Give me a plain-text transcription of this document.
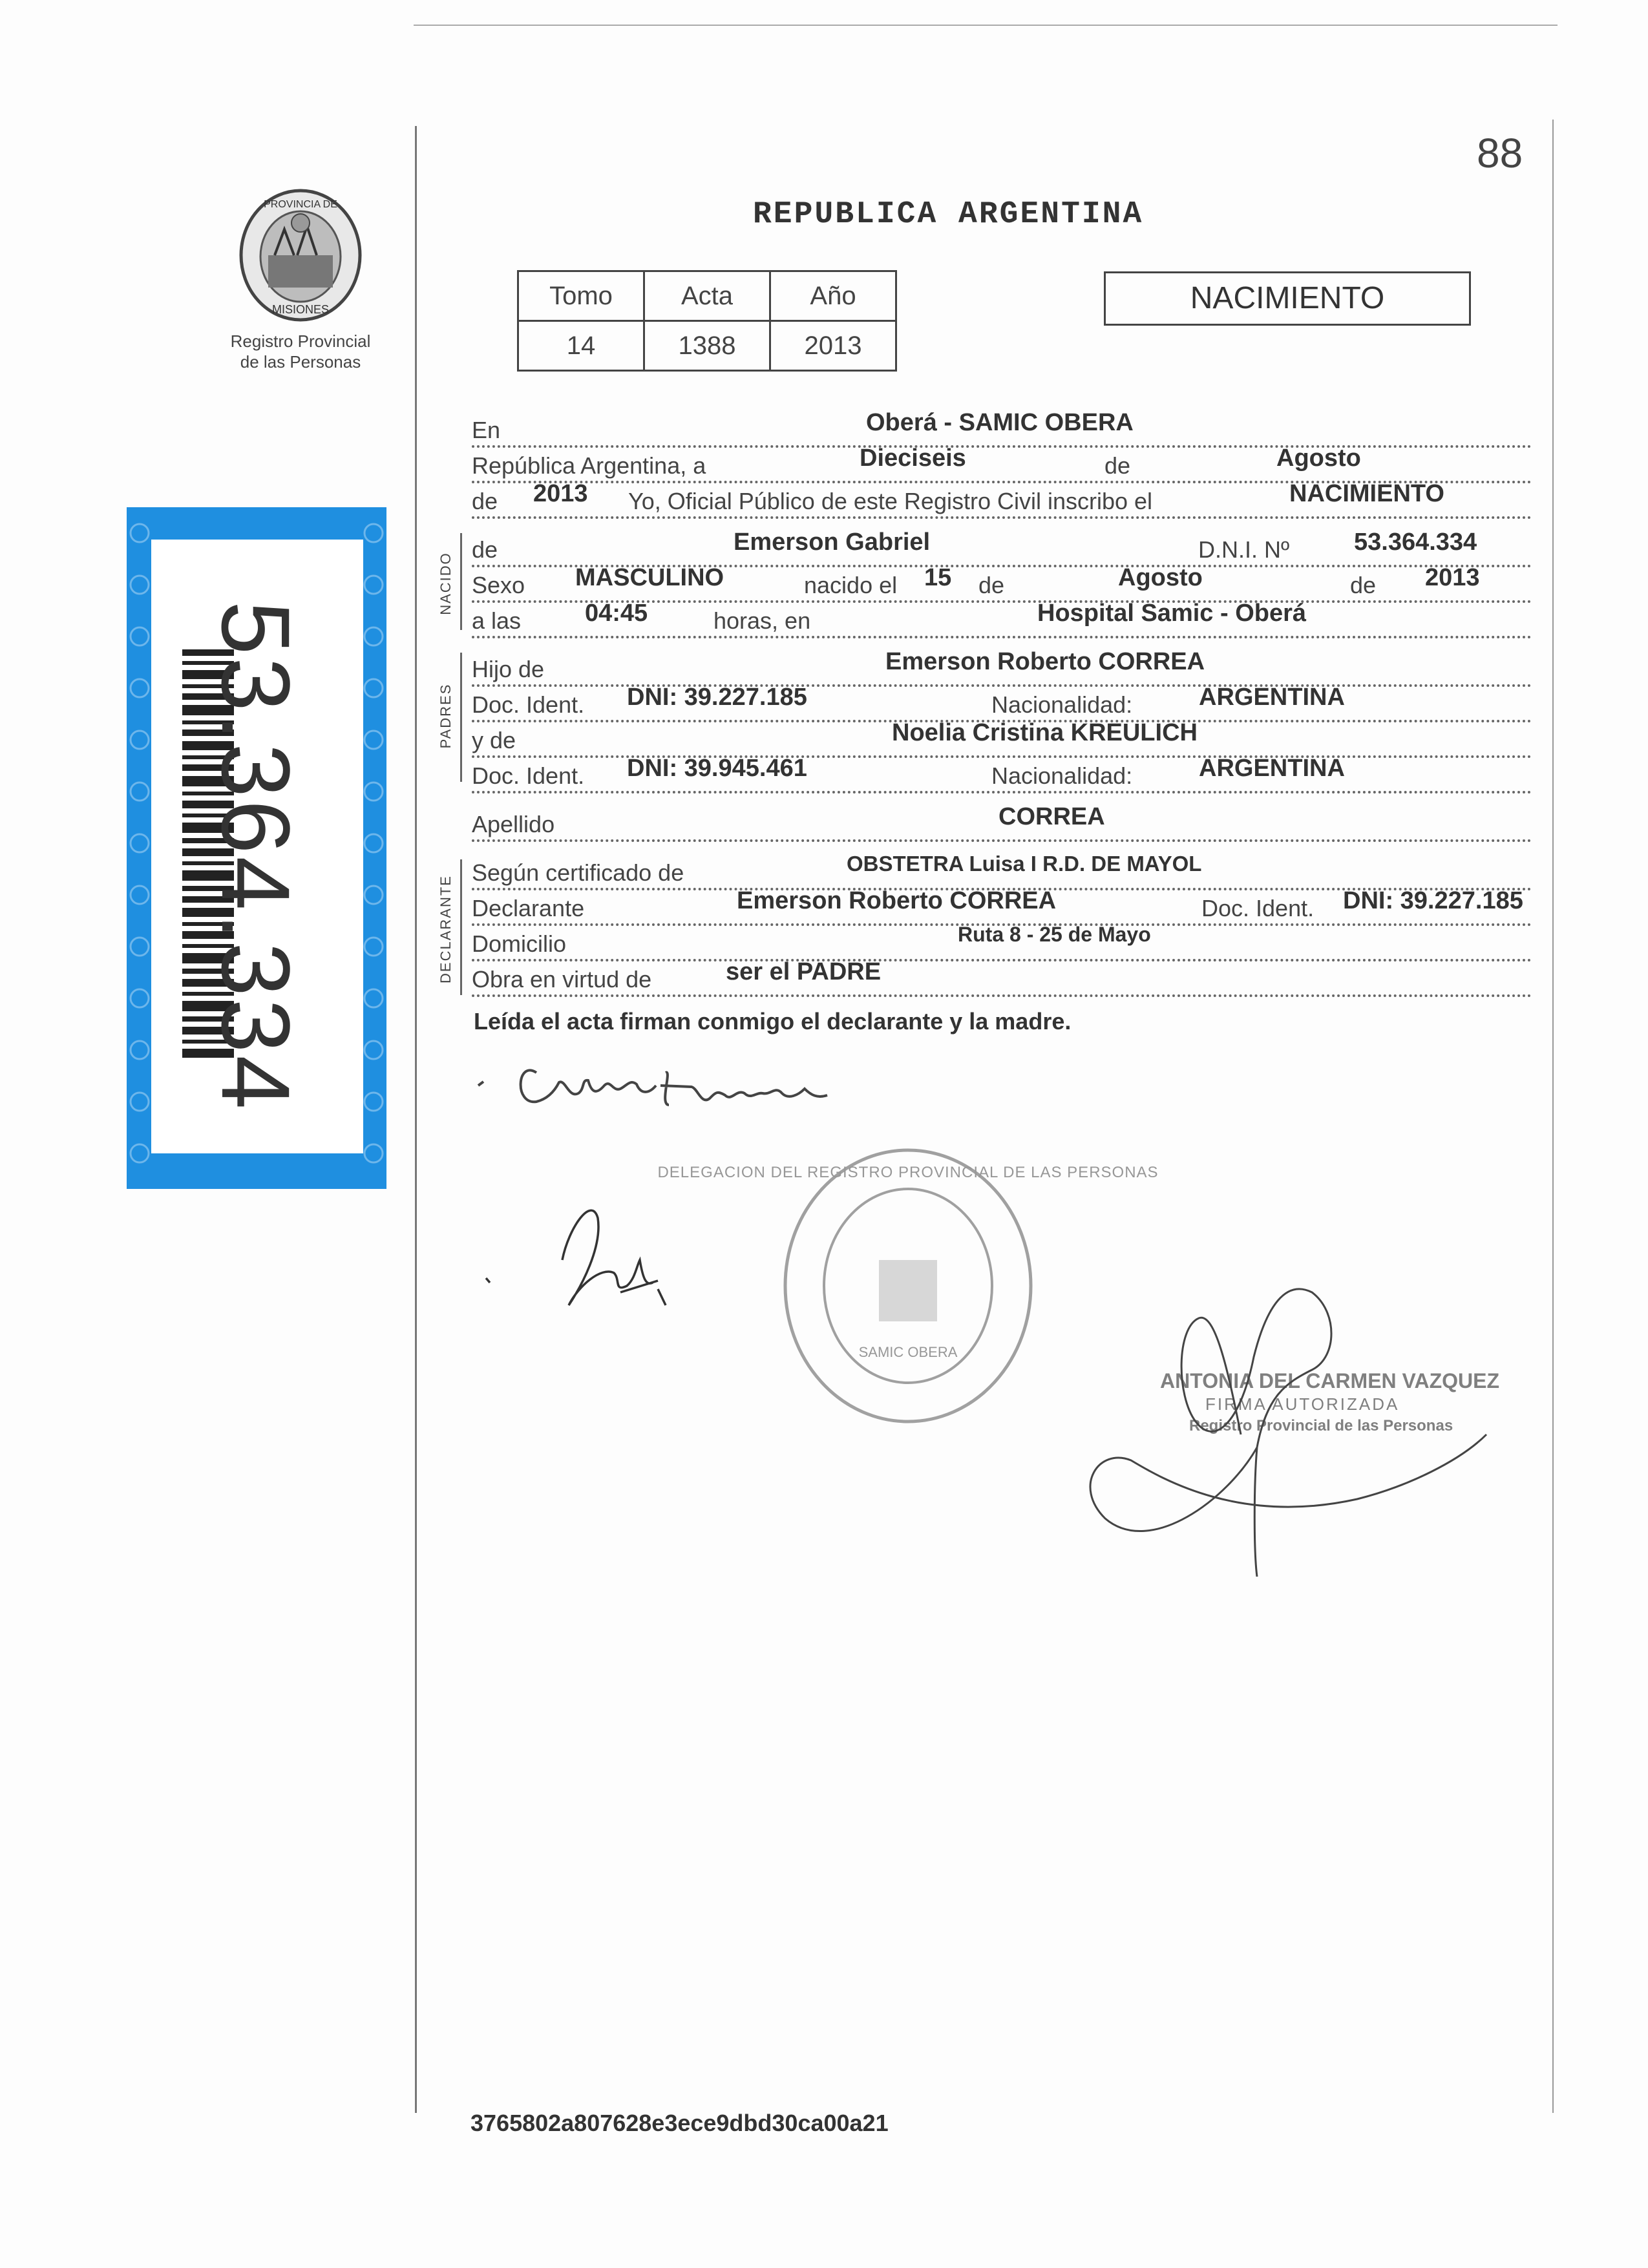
88
PROVINCIA DE
MISIONES
Registro Provincial
de las Personas
REPUBLICA ARGENTINA
Tomo	Acta	Año
14	1388	2013
NACIMIENTO
53.364.334
NACIDO
PADRES
DECLARANTE
En	Oberá - SAMIC OBERA
República Argentina, a	Dieciseis	de	Agosto
de 2013 Yo, Oficial Público de este Registro Civil inscribo el	NACIMIENTO
de	Emerson Gabriel	D.N.I. Nº	53.364.334
Sexo MASCULINO	nacido el 15 de	Agosto	de 2013
a las	04:45	horas, en	Hospital Samic - Oberá
Hijo de	Emerson Roberto CORREA
Doc. Ident. DNI: 39.227.185	Nacionalidad:	ARGENTINA
y de	Noelia Cristina KREULICH
Doc. Ident. DNI: 39.945.461	Nacionalidad:	ARGENTINA
Apellido	CORREA
Según certificado de	OBSTETRA Luisa I R.D. DE MAYOL
Declarante	Emerson Roberto CORREA	Doc. Ident. DNI: 39.227.185
Domicilio	Ruta 8 - 25 de Mayo
Obra en virtud de	ser el PADRE
Leída el acta firman conmigo el declarante y la madre.
DELEGACION DEL REGISTRO PROVINCIAL DE LAS PERSONAS
SAMIC OBERA
ANTONIA DEL CARMEN VAZQUEZ
FIRMA AUTORIZADA
Registro Provincial de las Personas
3765802a807628e3ece9dbd30ca00a21
